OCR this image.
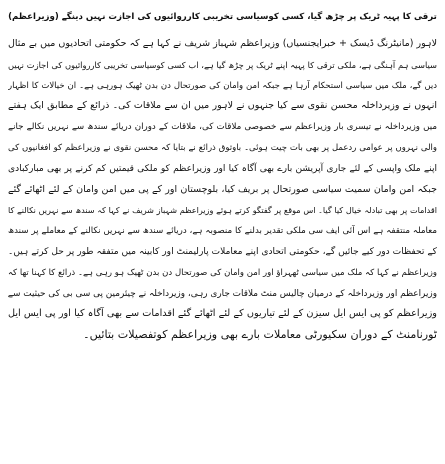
ترقی کا پہیہ ٹریک پر چڑھ گیا، کسی کوسیاسی تخریبی کارروائیوں کی اجازت نہیں دینگے (وزیراعظم)
لاہور (مانیٹرنگ ڈیسک + خبرایجنسیاں) وزیراعظم شہباز شریف نے کہا ہے کہ حکومتی اتحادیوں میں بے مثال
سیاسی ہم آہنگی ہے، ملکی ترقی کا پہیہ اپنے ٹریک پر چڑھ گیا ہے، اب کسی کوسیاسی تخریبی کارروائیوں کی اجازت نہیں
دیں گے، ملک میں سیاسی استحکام آرہا ہے جبکہ امن وامان کی صورتحال دن بدن ٹھیک ہورہی ہے۔ ان خیالات کا اظہار
انہوں نے وزیرداخلہ محسن نقوی سے کیا جنہوں نے لاہور میں ان سے ملاقات کی۔ ذرائع کے مطابق ایک ہفتے
میں وزیرداخلہ نے تیسری بار وزیراعظم سے خصوصی ملاقات کی، ملاقات کے دوران دریائے سندھ سے نہریں نکالے جانے
والی نہروں پر عوامی ردعمل پر بھی بات چیت ہوئی۔ باوثوق ذرائع نے بتایا کہ محسن نقوی نے وزیراعظم کو افغانیوں کی
اپنے ملک واپسی کے لئے جاری آپریشن بارے بھی آگاہ کیا اور وزیراعظم کو ملکی قیمتیں کم کرنے پر بھی مبارکبادی
جبکہ امن وامان سمیت سیاسی صورتحال پر بریف کیا، بلوچستان اور کے پی میں امن وامان کے لئے اٹھائے گئے
اقدامات پر بھی تبادلہ خیال کیا گیا۔ اس موقع پر گفتگو کرتے ہوئے وزیراعظم شہباز شریف نے کہا کہ سندھ سے نہریں نکالنے کا
معاملہ منتقفہ ہے اس آئی ایف سی ملکی تقدیر بدلنے کا منصوبہ ہے، دریائے سندھ سے نہریں نکالنے کے معاملے پر سندھ
کے تحفظات دور کیے جائیں گے، حکومتی اتحادی اپنے معاملات پارلیمنٹ اور کابینہ میں متفقہ طور پر حل کرتے ہیں۔
وزیراعظم نے کہا کہ ملک میں سیاسی ٹھہراؤ اور امن وامان کی صورتحال دن بدن ٹھیک ہو رہی ہے۔ ذرائع کا کہنا تھا کہ
وزیراعظم اور وزیرداخلہ کے درمیان چالیس منٹ ملاقات جاری رہی، وزیرداخلہ نے چیئرمین پی سی بی کی حیثیت سے
وزیراعظم کو پی ایس ایل سیزن کے لئے تیاریوں کے لئے اٹھائے گئے اقدامات سے بھی آگاہ کیا اور پی ایس ایل
ٹورنامنٹ کے دوران سکیورٹی معاملات بارے بھی وزیراعظم کوتفصیلات بتائیں۔
